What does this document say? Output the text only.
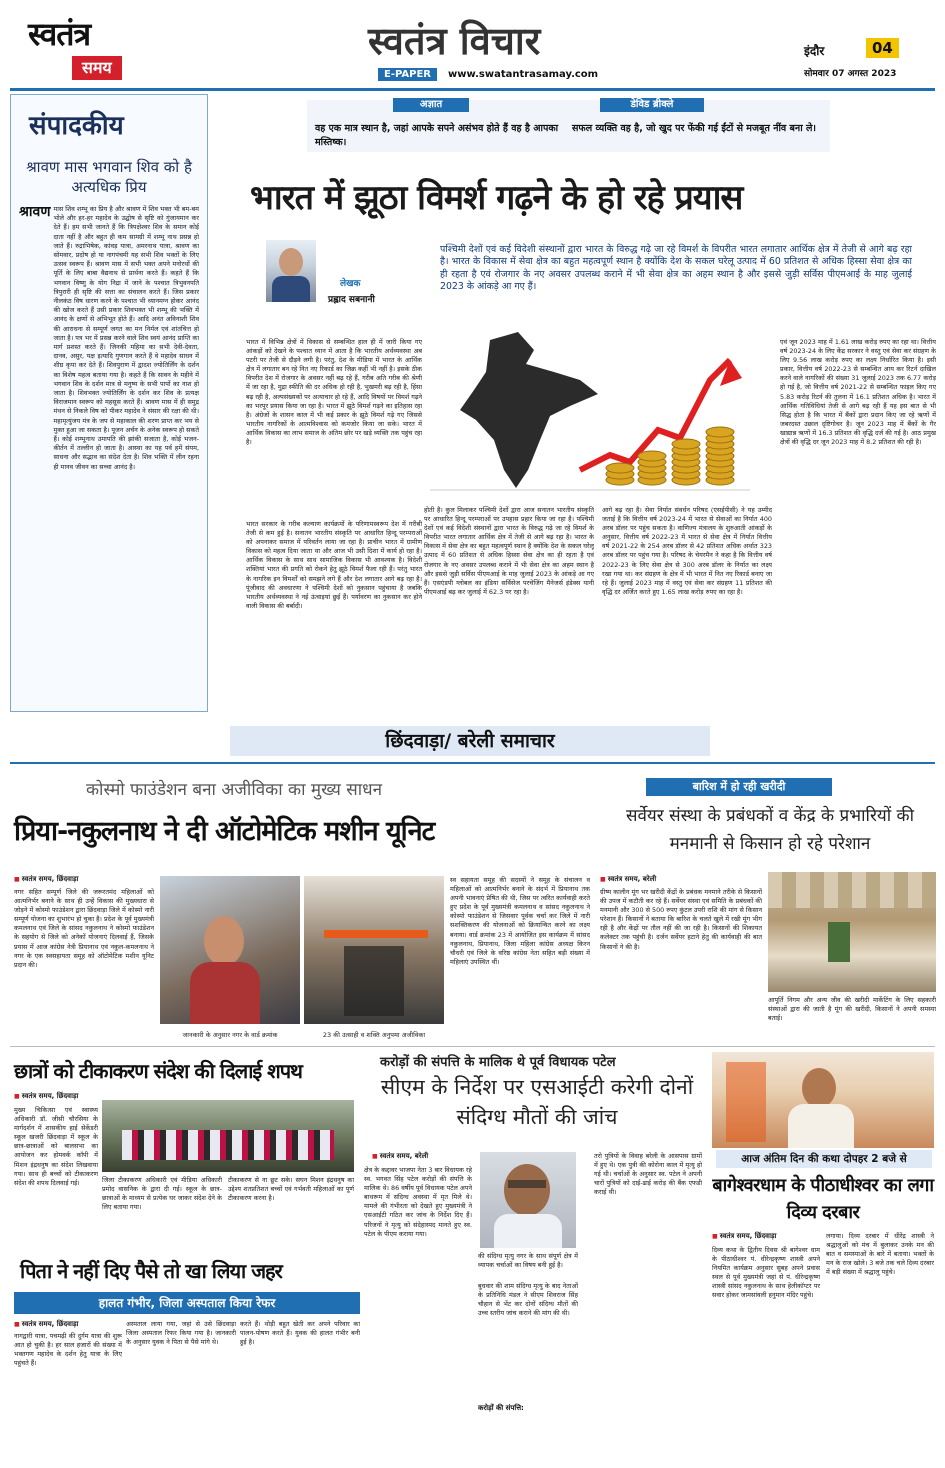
स्वतंत्र
समय
स्वतंत्र विचार
E-PAPER	www.swatantrasamay.com
इंदौर	04
सोमवार 07 अगस्त 2023
संपादकीय
श्रावण मास भगवान शिव को है अत्यधिक प्रिय
श्रावण मास शिव शम्भू का प्रिय है और श्रावण में शिव भक्त भी बम-बम भोले और हर-हर महादेव के उद्घोष से सृष्टि को गुंजायमान कर देते हैं। हम सभी जानते हैं कि त्रिपक्षेश्वर शिव के समान कोई दाता नहीं है और बहुत ही कम सामग्री में शम्भू नाथ प्रसन्न हो जाते हैं। रुद्राभिषेक, कांवड़ यात्रा, अमरनाथ यात्रा, श्रावण का सोमवार, प्रदोष हो या नागपंचमी यह सभी शिव भक्तों के लिए उत्सव स्वरूप हैं। श्रावण मास में सभी भक्त अपने मनोरथों की पूर्ति के लिए बाबा वैद्यनाथ से प्रार्थना करते हैं। कहते हैं कि भगवान विष्णु के योग निद्रा में जाने के पश्चात त्रिभुवनपति त्रिपुरारी ही सृष्टि की सत्ता का संचालन करते हैं। जिस प्रकार नीलकंठ विष धारण करने के पश्चात भी ध्यानमग्न होकर आनंद की खोज करते हैं उसी प्रकार शिवभक्त भी शम्भू की भक्ति में आनंद के क्षणों से अभिभूत होते हैं। आदि अनंत अविनाशी शिव की आराधना से सम्पूर्ण जगत का मन निर्मल एवं शांतचित्त हो जाता है। पत्र भर में प्रसन्न करने वाले शिव स्वयं आनंद प्राप्ति का मार्ग प्रशस्त करते हैं। जिनकी महिमा का सभी देवी-देवता, दानव, असुर, यक्ष इत्यादि गुणगान करते हैं वे महादेव साधन में शीघ्र कृपा कर देते हैं। शिवपुराण में द्वादश ज्योतिर्लिंग के दर्शन का विशेष महत्व बताया गया है। कहते हैं कि सावन के महीने में भगवान शिव के दर्शन मात्र से मनुष्य के सभी पापों का नाश हो जाता है। शिवभक्त ज्योतिर्लिंग के दर्शन कर शिव के प्रत्यक्ष विराजमान स्वरूप को महसूस करते हैं। श्रावण मास में ही समुद्र मंथन से निकले विष को पीकर महादेव ने संसार की रक्षा की थी। महामृत्युंजय मंत्र के जप से महाकाल की शरण प्राप्त कर भय से मुक्त हुआ जा सकता है। पूजन अर्चन के अनेक स्वरूप हो सकते हैं। कोई शम्भूनाथ उमापति की झांकी सजाता है, कोई भजन-कीर्तन में तल्लीन हो जाता है। आस्था का यह पर्व हमें संयम, साधना और सद्भाव का संदेश देता है। शिव भक्ति में लीन रहना ही मानव जीवन का सच्चा आनंद है।
अज्ञात
वह एक मात्र स्थान है, जहां आपके सपने असंभव होते हैं वह है आपका मस्तिष्क।
डेविड ब्रीक्ले
सफल व्यक्ति वह है, जो खुद पर फेंकी गई ईंटों से मजबूत नींव बना ले।
भारत में झूठा विमर्श गढ़ने के हो रहे प्रयास
पश्चिमी देशों एवं कई विदेशी संस्थानों द्वारा भारत के विरुद्ध गढ़े जा रहे विमर्श के विपरीत भारत लगातार आर्थिक क्षेत्र में तेजी से आगे बढ़ रहा है। भारत के विकास में सेवा क्षेत्र का बहुत महत्वपूर्ण स्थान है क्योंकि देश के सकल घरेलू उत्पाद में 60 प्रतिशत से अधिक हिस्सा सेवा क्षेत्र का ही रहता है एवं रोजगार के नए अवसर उपलब्ध कराने में भी सेवा क्षेत्र का अहम स्थान है और इससे जुड़ी सर्विस पीएमआई के माह जुलाई 2023 के आंकड़े आ गए हैं।
लेखक
प्रह्लाद सबनानी
भारत में विभिन्न क्षेत्रों में विकास से सम्बन्धित हाल ही में जारी किया गए आंकड़ों को देखने के पश्चात ध्यान में आता है कि भारतीय अर्थव्यवस्था अब पटरी पर तेजी से दौड़ने लगी है। परंतु, देश के मीडिया में भारत के आर्थिक क्षेत्र में लगातार बन रहे नित नए रिकार्ड का जिक्र कहीं भी नहीं है। इसके ठीक विपरीत देश में रोजगार के अवसर नहीं बढ़ रहे हैं, गरीब अति गरीब की श्रेणी में जा रहा है, मुद्रा स्फीति की दर अधिक हो रही है, भुखमरी बढ़ रही है, हिंसा बढ़ रही है, अल्पसंख्यकों पर अत्याचार हो रहे हैं, आदि विषयों पर विमर्श गढ़ने का भरपूर प्रयास किया जा रहा है। भारत में झूठे विमर्श गढ़ने का इतिहास रहा है। अंग्रेजों के शासन काल में भी कई प्रकार के झूठे विमर्श गढ़े गए जिससे भारतीय नागरिकों के आत्मविश्वास को कमजोर किया जा सके। भारत में आर्थिक विकास का लाभ समाज के अंतिम छोर पर खड़े व्यक्ति तक पहुंच रहा है।
भारत सरकार के गरीब कल्याण कार्यक्रमों के परिणामस्वरूप देश में गरीबी तेजी से कम हुई है। सनातन भारतीय संस्कृति पर आधारित हिन्दू परम्पराओं को अपनाकर समाज में परिवर्तन लाया जा रहा है। प्राचीन भारत में ग्रामीण विकास को महत्व दिया जाता था और आज भी उसी दिशा में कार्य हो रहा है। आर्थिक विकास के साथ साथ सामाजिक विकास भी आवश्यक है। विदेशी शक्तियां भारत की प्रगति को रोकने हेतु झूठे विमर्श फैला रही हैं। परंतु भारत के नागरिक इन विमर्शों को समझने लगे हैं और देश लगातार आगे बढ़ रहा है। पूंजीवाद की अवधारणा ने पश्चिमी देशों को नुकसान पहुंचाया है जबकि भारतीय अर्थव्यवस्था ने नई ऊंचाइयां छुई हैं। पर्यावरण का नुकसान कर होने वाली विकास की बर्बादी।
होती है। कुल मिलाकर पश्चिमी देशों द्वारा आज सनातन भारतीय संस्कृति पर आधारित हिन्दू परम्पराओं पर उपहास प्रहार किया जा रहा है। पश्चिमी देशों एवं कई विदेशी संस्थानों द्वारा भारत के विरुद्ध गढ़े जा रहे विमर्श के विपरीत भारत लगातार आर्थिक क्षेत्र में तेजी से आगे बढ़ रहा है। भारत के विकास में सेवा क्षेत्र का बहुत महत्वपूर्ण स्थान है क्योंकि देश के सकल घरेलू उत्पाद में 60 प्रतिशत से अधिक हिस्सा सेवा क्षेत्र का ही रहता है एवं रोजगार के नए अवसर उपलब्ध कराने में भी सेवा क्षेत्र का अहम स्थान है और इससे जुड़ी सर्विस पीएमआई के माह जुलाई 2023 के आंकड़े आ गए हैं। एसएंडपी ग्लोबल का इंडिया सर्विसेज परचेजिंग मैनेजर्स इंडेक्स यानी पीएमआई बढ़ कर जुलाई में 62.3 पर रहा है।
आगे बढ़ रहा है। सेवा निर्यात संवर्धन परिषद (एसईपीसी) ने यह उम्मीद जताई है कि वित्तीय वर्ष 2023-24 में भारत से सेवाओं का निर्यात 400 अरब डॉलर पर पहुंच सकता है। वाणिज्य मंत्रालय के शुरुआती आंकड़ों के अनुसार, वित्तीय वर्ष 2022-23 में भारत से सेवा क्षेत्र में निर्यात वित्तीय वर्ष 2021-22 के 254 अरब डॉलर से 42 प्रतिशत अधिक अर्थात 323 अरब डॉलर पर पहुंच गया है। परिषद के चेयरमैन ने कहा है कि वित्तीय वर्ष 2022-23 के लिए सेवा क्षेत्र से 300 अरब डॉलर के निर्यात का लक्ष्य रखा गया था। कर संग्रहण के क्षेत्र में भी भारत में नित नए रिकार्ड बनाए जा रहे हैं। जुलाई 2023 माह में वस्तु एवं सेवा कर संग्रहण 11 प्रतिशत की वृद्धि दर अर्जित करते हुए 1.65 लाख करोड़ रुपए का रहा है।
एवं जून 2023 माह में 1.61 लाख करोड़ रुपए का रहा था। वित्तीय वर्ष 2023-24 के लिए केंद्र सरकार ने वस्तु एवं सेवा कर संग्रहण के लिए 9.56 लाख करोड़ रुपए का लक्ष्य निर्धारित किया है। इसी प्रकार, वित्तीय वर्ष 2022-23 से सम्बन्धित आय कर रिटर्न दाखिल करने वाले नागरिकों की संख्या 31 जुलाई 2023 तक 6.77 करोड़ हो गई है, जो वित्तीय वर्ष 2021-22 से सम्बन्धित फाइल किए गए 5.83 करोड़ रिटर्न की तुलना में 16.1 प्रतिशत अधिक है। भारत में आर्थिक गतिविधियां तेजी से आगे बढ़ रही हैं यह इस बात से भी सिद्ध होता है कि भारत में बैंकों द्वारा प्रदान किए जा रहे ऋणों में जबरदस्त उछाल दृष्टिगोचर है। जून 2023 माह में बैंकों के गैर खाद्यान्न ऋणों में 16.3 प्रतिशत की वृद्धि दर्ज की गई है। आठ प्रमुख क्षेत्रों की वृद्धि दर जून 2023 माह में 8.2 प्रतिशत की रही है।
छिंदवाड़ा/ बरेली समाचार
कोस्मो फाउंडेशन बना अजीविका का मुख्य साधन
प्रिया-नकुलनाथ ने दी ऑटोमेटिक मशीन यूनिट
■ स्वतंत्र समय, छिंदवाड़ा
नगर सहित सम्पूर्ण जिले की जरूरतमंद महिलाओं को आत्मनिर्भर बनाने के साथ ही उन्हें विकास की मुख्यधारा से जोड़ने में कोस्मो फाउंडेशन द्वारा छिंदवाड़ा जिले में कोस्मो नारी सम्पूर्ण योजना का शुभारंभ हो चुका है। प्रदेश के पूर्व मुख्यमंत्री कमलनाथ एवं जिले के सांसद नकुलनाथ ने कोस्मो फाउंडेशन के सहयोग से जिले को अनेकों योजनाएं दिलवाई हैं, जिसके प्रयास में आज कांग्रेस नेत्री प्रियानाथ एवं नकुल-कमलनाथ ने नगर के एक स्वसहायता समूह को ऑटोमेटिक मशीन यूनिट प्रदान की।
जानकारी के अनुसार नगर के वार्ड क्रमांक	23 की उत्साही व शक्ति अनुपमा अजीविका
स्व सहायता समूह की सदस्यों ने समूह के संचालन व महिलाओं को आत्मनिर्भर बनाने के संदर्भ में प्रियानाथ तक अपनी भावनाएं प्रेषित की थी, जिस पर त्वरित कार्यवाही करते हुए प्रदेश के पूर्व मुख्यमंत्री कमलनाथ व सांसद नकुलनाथ ने कोस्मो फाउंडेशन से जिसवार पूर्वक चर्चा कर जिले में नारी सशक्तिकरण की योजनाओं को क्रियान्वित करने का लक्ष्य बनाया। वार्ड क्रमांक 23 में आयोजित इस कार्यक्रम में सांसद नकुलनाथ, प्रियानाथ, जिला महिला कांग्रेस अध्यक्ष किरन चौधरी एवं जिले के वरिष्ठ कांग्रेस नेता सहित बड़ी संख्या में महिलाएं उपस्थित थीं।
बारिश में हो रही खरीदी
सर्वेयर संस्था के प्रबंधकों व केंद्र के प्रभारियों की मनमानी से किसान हो रहे परेशान
■ स्वतंत्र समय, बरेली
ग्रीष्म कालीन मूंग भर खरीदी केंद्रों के प्रबंधक मनमाने तरीके से किसानों की उपज में कटौती कर रहे हैं। सर्वेयर संस्था एवं समिति के प्रबंधकों की मनमानी और 300 से 500 रुपए कुंटल उपरी राशि की मांग से किसान परेशान हैं। किसानों ने बताया कि बारिश के चलते खुले में रखी मूंग भीग रही है और केंद्रों पर तौल नहीं की जा रही है। किसानों की शिकायत कलेक्टर तक पहुंची है। दर्जन सर्वेयर हटाने हेतु की कार्यवाही की बात किसानों ने की है।
आपूर्ति निगम और अन्य जीव की खरीदी मार्केटिंग के लिए सहकारी संस्थाओं द्वारा की जाती है मूंग की खरीदी, किसानों ने अपनी समस्या बताई।
छात्रों को टीकाकरण संदेश की दिलाई शपथ
■ स्वतंत्र समय, छिंदवाड़ा
मुख्य चिकित्सा एवं स्वास्थ्य अधिकारी डॉ. जीसी चौरसिया के मार्गदर्शन में शासकीय हाई सेकेंडरी स्कूल खजरी छिंदवाड़ा में स्कूल के छात्र-छात्राओं को बालसभा का आयोजन कर होमवर्क कॉपी में मिशन इंद्रधनुष का संदेश लिखवाया गया। साथ ही बच्चों को टीकाकरण संदेश की शपथ दिलवाई गई।	जिला टीकाकरण अधिकारी एवं मीडिया अधिकारी प्रमोद वासनिक के द्वारा दी गई। स्कूल के छात्र-छात्राओं के माध्यम से प्रत्येक घर जाकर संदेश देने के लिए बताया गया।
टीकाकरण से ना छूट सके। सघन मिशन इंद्रधनुष का उद्देश्य शतप्रतिशत बच्चों एवं गर्भवती महिलाओं का पूर्ण टीकाकरण करना है।
पिता ने नहीं दिए पैसे तो खा लिया जहर
हालत गंभीर, जिला अस्पताल किया रेफर
■ स्वतंत्र समय, छिंदवाड़ा
नागद्वारी यात्रा, पचमढ़ी की दुर्गम यात्रा की शुरू आत हो चुकी है। हर साल हजारों की संख्या में भक्तगण महादेव के दर्शन हेतु यात्रा के लिए पहुंचते हैं।
अस्पताल लाया गया, जहां से उसे छिंदवाड़ा जिला अस्पताल रिफर किया गया है। जानकारी के अनुसार युवक ने पिता से पैसे मांगे थे।
करते हैं। थोड़ी बहुत खेती कर अपने परिवार का पालन-पोषण करते हैं। युवक की हालत गंभीर बनी हुई है।
करोड़ों की संपत्ति के मालिक थे पूर्व विधायक पटेल
सीएम के निर्देश पर एसआईटी करेगी दोनों संदिग्ध मौतों की जांच
■ स्वतंत्र समय, बरेली
क्षेत्र के कद्दावर भाजपा नेता 3 बार विधायक रहे स्व. भगवत सिंह पटेल करोड़ों की संपत्ति के मालिक थे। 86 वर्षीय पूर्व विधायक पटेल अपने बाथरूम में संदिग्ध अवस्था में मृत मिले थे। मामले की गंभीरता को देखते हुए मुख्यमंत्री ने एसआईटी गठित कर जांच के निर्देश दिए हैं। परिजनों ने मृत्यु को संदेहास्पद मानते हुए स्व. पटेल के पीएम कराया गया।
की संदिग्ध मृत्यु नगर के साथ संपूर्ण क्षेत्र में व्यापक चर्चाओं का विषय बनी हुई है।
बुधवार की शाम संदिग्ध मृत्यु के बाद नेताओं के प्रतिनिधि मंडल ने सीएम शिवराज सिंह चौहान से भेंट कर दोनों संदिग्ध मौतों की उच्च स्तरीय जांच कराने की मांग की थी।
करोड़ों की संपत्ति:
तरो पुत्रियों के विवाह बरेली के आसपास ग्रामों में हुए थे। एक पुत्री की कोरोना काल में मृत्यु हो गई थी। चर्चाओं के अनुसार स्व. पटेल ने अपनी चारों पुत्रियों को दाई-ढाई करोड़ की बैंक एफडी कराई थी।
आज अंतिम दिन की कथा दोपहर 2 बजे से
बागेश्वरधाम के पीठाधीश्वर का लगा दिव्य दरबार
■ स्वतंत्र समय, छिंदवाड़ा
दिव्य कथा के द्वितीय दिवस श्री बागेश्वर धाम के पीठाधीश्वर पं. धीरेन्द्रकृष्ण शास्त्री अपने नियमित कार्यक्रम अनुसार सुबह अपने प्रवास स्थल से पूर्व मुख्यमंत्री जहां से पं. धीरेन्द्रकृष्ण शास्त्री सांसद नकुलनाथ के साथ हेलीकॉप्टर पर सवार होकर जामसांवली हनुमान मंदिर पहुंचे।
लगाया। दिव्य दरबार में धीरेंद्र शास्त्री ने श्रद्धालुओं को मंच में बुलाकर उनके मन की बात व समस्याओं के बारे में बताया। भक्तों के मन के राज खोले। 3 बजे तक चले दिव्य दरबार में बड़ी संख्या में श्रद्धालु पहुंचे।
